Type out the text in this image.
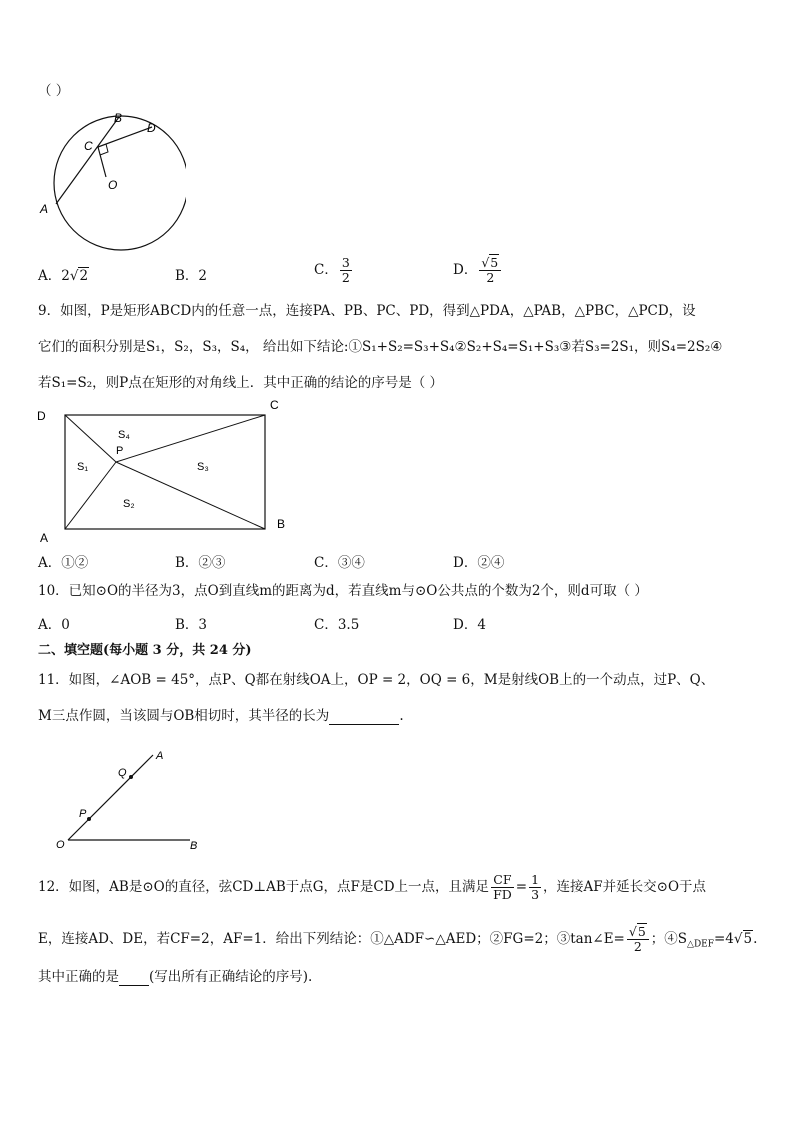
（ ）
B
D
C
O
A
A．2√2	B．2	C． $\frac{3}{2}$	D． $\frac{√5}{2}$
9．如图，P是矩形ABCD内的任意一点，连接PA、PB、PC、PD，得到△PDA，△PAB，△PBC，△PCD，设
它们的面积分别是S₁，S₂，S₃，S₄， 给出如下结论:①S₁+S₂=S₃+S₄②S₂+S₄=S₁+S₃③若S₃=2S₁，则S₄=2S₂④
若S₁=S₂，则P点在矩形的对角线上．其中正确的结论的序号是（ ）
D
C
A
B
P
S₄
S₁	S₃
S₂
A．①②	B．②③	C．③④	D．②④
10．已知⊙O的半径为3，点O到直线m的距离为d，若直线m与⊙O公共点的个数为2个，则d可取（ ）
A．0	B．3	C．3.5	D．4
二、填空题(每小题 3 分，共 24 分)
11．如图，∠AOB = 45°，点P、Q都在射线OA上，OP = 2，OQ = 6，M是射线OB上的一个动点，过P、Q、
M三点作圆，当该圆与OB相切时，其半径的长为	.
A
Q
P
O	B
12．如图，AB是⊙O的直径，弦CD⊥AB于点G，点F是CD上一点，且满足 $\frac{CF}{FD} = \frac{1}{3}$ ，连接AF并延长交⊙O于点
E，连接AD、DE，若CF=2，AF=1．给出下列结论：①△ADF∽△AED；②FG=2；③tan∠E= $\frac{√5}{2}$ ；$④S_{\triangle DEF}=4√5$.
其中正确的是 (写出所有正确结论的序号).
